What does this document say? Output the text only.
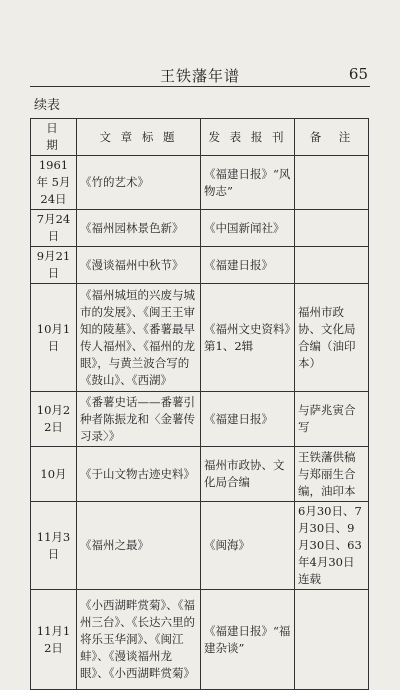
王铁藩年谱	65
续表
日　期	文 章 标 题	发 表 报 刊	备　注
1961 年 5月24日	《竹的艺术》	《福建日报》“风物志”	
7月24日	《福州园林景色新》	《中国新闻社》	
9月21日	《漫谈福州中秋节》	《福建日报》	
10月1日	《福州城垣的兴废与城市的发展》、《闽王王审知的陵墓》、《番薯最早传人福州》、《福州的龙眼》，与黄兰波合写的《鼓山》、《西湖》	《福州文史资料》第1、2辑	福州市政协、文化局合编（油印本）
10月22日	《番薯史话——番薯引种者陈振龙和〈金薯传习录〉》	《福建日报》	与萨兆寅合写
10月	《于山文物古迹史料》	福州市政协、文化局合编	王铁藩供稿与郑丽生合编，油印本
11月3日	《福州之最》	《闽海》	6月30日、7月30日、9月30日、63年4月30日连载
11月12日	《小西湖畔赏菊》、《福州三台》、《长达六里的将乐玉华洞》、《闽江蚌》、《漫谈福州龙眼》、《小西湖畔赏菊》	《福建日报》“福建杂谈”	
